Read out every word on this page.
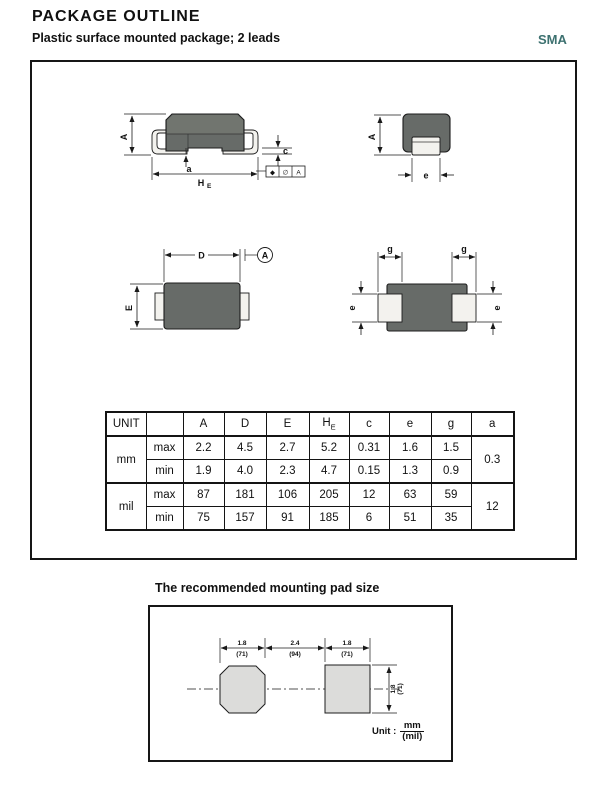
PACKAGE OUTLINE
Plastic surface mounted package; 2 leads	SMA
A
a
H E
c
◆ ∅ A
A
e
D	A
E
g	g
e	e
UNIT		A	D	E	$H_E$	c	e	g	a
mm	max	2.2	4.5	2.7	5.2	0.31	1.6	1.5	0.3
	min	1.9	4.0	2.3	4.7	0.15	1.3	0.9	
mil	max	87	181	106	205	12	63	59	12
	min	75	157	91	185	6	51	35	
The recommended mounting pad size
1.8
(71)
2.4
(94)
1.8
(71)
1.8 (71)
Unit : $\frac{mm}{\text{(mil)}}$
